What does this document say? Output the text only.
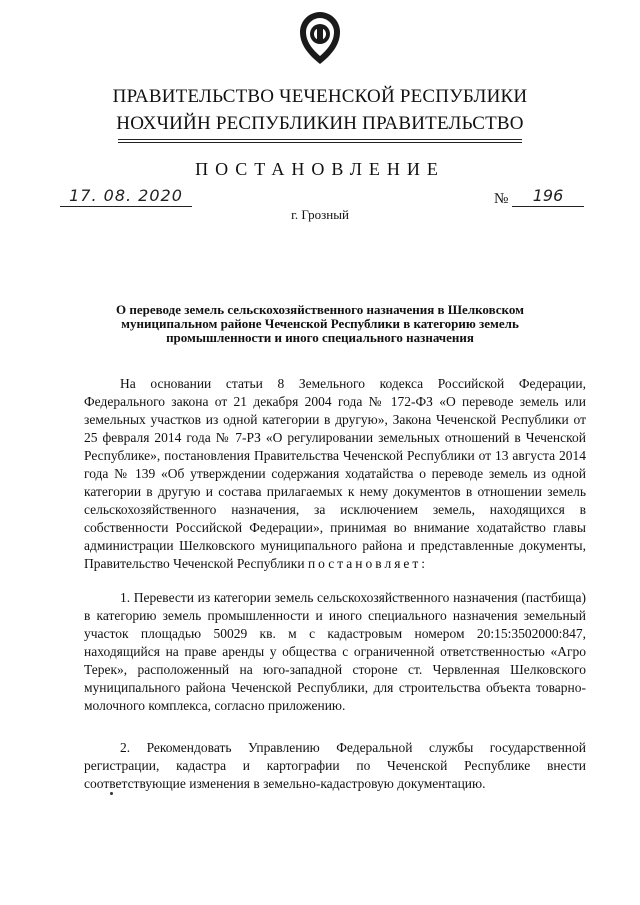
ПРАВИТЕЛЬСТВО ЧЕЧЕНСКОЙ РЕСПУБЛИКИ
НОХЧИЙН РЕСПУБЛИКИН ПРАВИТЕЛЬСТВО
ПОСТАНОВЛЕНИЕ
17. 08. 2020	№	196
г. Грозный
О переводе земель сельскохозяйственного назначения в Шелковском муниципальном районе Чеченской Республики в категорию земель промышленности и иного специального назначения
На основании статьи 8 Земельного кодекса Российской Федерации, Федерального закона от 21 декабря 2004 года № 172-ФЗ «О переводе земель или земельных участков из одной категории в другую», Закона Чеченской Республики от 25 февраля 2014 года № 7-РЗ «О регулировании земельных отношений в Чеченской Республике», постановления Правительства Чеченской Республики от 13 августа 2014 года № 139 «Об утверждении содержания ходатайства о переводе земель из одной категории в другую и состава прилагаемых к нему документов в отношении земель сельскохозяйственного назначения, за исключением земель, находящихся в собственности Российской Федерации», принимая во внимание ходатайство главы администрации Шелковского муниципального района и представленные документы, Правительство Чеченской Республики постановляет:
1. Перевести из категории земель сельскохозяйственного назначения (пастбища) в категорию земель промышленности и иного специального назначения земельный участок площадью 50029 кв. м с кадастровым номером 20:15:3502000:847, находящийся на праве аренды у общества с ограниченной ответственностью «Агро Терек», расположенный на юго-западной стороне ст. Червленная Шелковского муниципального района Чеченской Республики, для строительства объекта товарно-молочного комплекса, согласно приложению.
2. Рекомендовать Управлению Федеральной службы государственной регистрации, кадастра и картографии по Чеченской Республике внести соответствующие изменения в земельно-кадастровую документацию.
